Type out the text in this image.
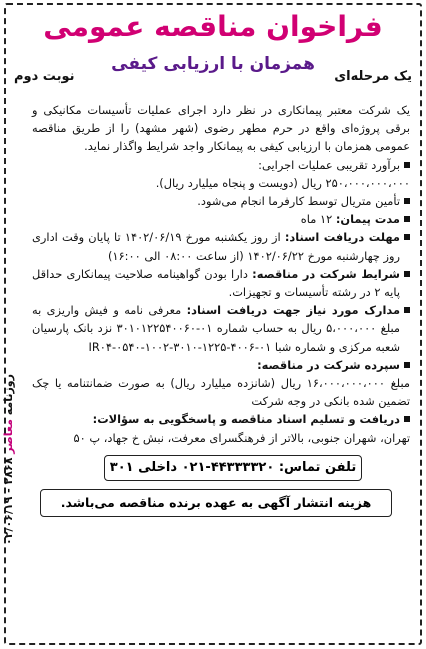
روزنامه معاصر ۲۸۶۸ - ۰۲/۰۶/۱۹
فراخوان مناقصه عمومی
همزمان با ارزیابی کیفی
یک مرحله‌ای
نوبت دوم

یک شرکت معتبر پیمانکاری در نظر دارد اجرای عملیات تأسیسات مکانیکی و برقی پروژه‌ای واقع در حرم مطهر رضوی (شهر مشهد) را از طریق مناقصه عمومی همزمان با ارزیابی کیفی به پیمانکار واجد شرایط واگذار نماید.

برآورد تقریبی عملیات اجرایی:

۲۵۰،۰۰۰،۰۰۰،۰۰۰ ریال (دویست و پنجاه میلیارد ریال).

تأمین متریال توسط کارفرما انجام می‌شود.

مدت پیمان: ۱۲ ماه

مهلت دریافت اسناد: از روز یکشنبه مورخ ۱۴۰۲/۰۶/۱۹ تا پایان وقت اداری روز چهارشنبه مورخ ۱۴۰۲/۰۶/۲۲ (از ساعت ۰۸:۰۰ الی ۱۶:۰۰)

شرایط شرکت در مناقصه: دارا بودن گواهینامه صلاحیت پیمانکاری حداقل پایه ۲ در رشته تأسیسات و تجهیزات.

مدارک مورد نیاز جهت دریافت اسناد: معرفی نامه و فیش واریزی به مبلغ ۵،۰۰۰،۰۰۰ ریال به حساب شماره ۰۱-۳۰۱۰۱۲۲۵۴۰۰۶۰ نزد بانک پارسیان شعبه مرکزی و شماره شبا IR۰۴-۰۵۴۰-۱۰۰۲-۳۰۱۰-۱۲۲۵-۴۰۰۶-۰۱

سپرده شرکت در مناقصه:

مبلغ ۱۶،۰۰۰،۰۰۰،۰۰۰ ریال (شانزده میلیارد ریال) به صورت ضمانتنامه یا چک تضمین شده بانکی در وجه شرکت

دریافت و تسلیم اسناد مناقصه و پاسخگویی به سؤالات:

تهران، شهران جنوبی، بالاتر از فرهنگسرای معرفت، نبش خ جهاد، پ ۵۰

تلفن تماس: ۴۴۳۳۳۳۲۰-۰۲۱ داخلی ۳۰۱
هزینه انتشار آگهی به عهده برنده مناقصه می‌باشد.
